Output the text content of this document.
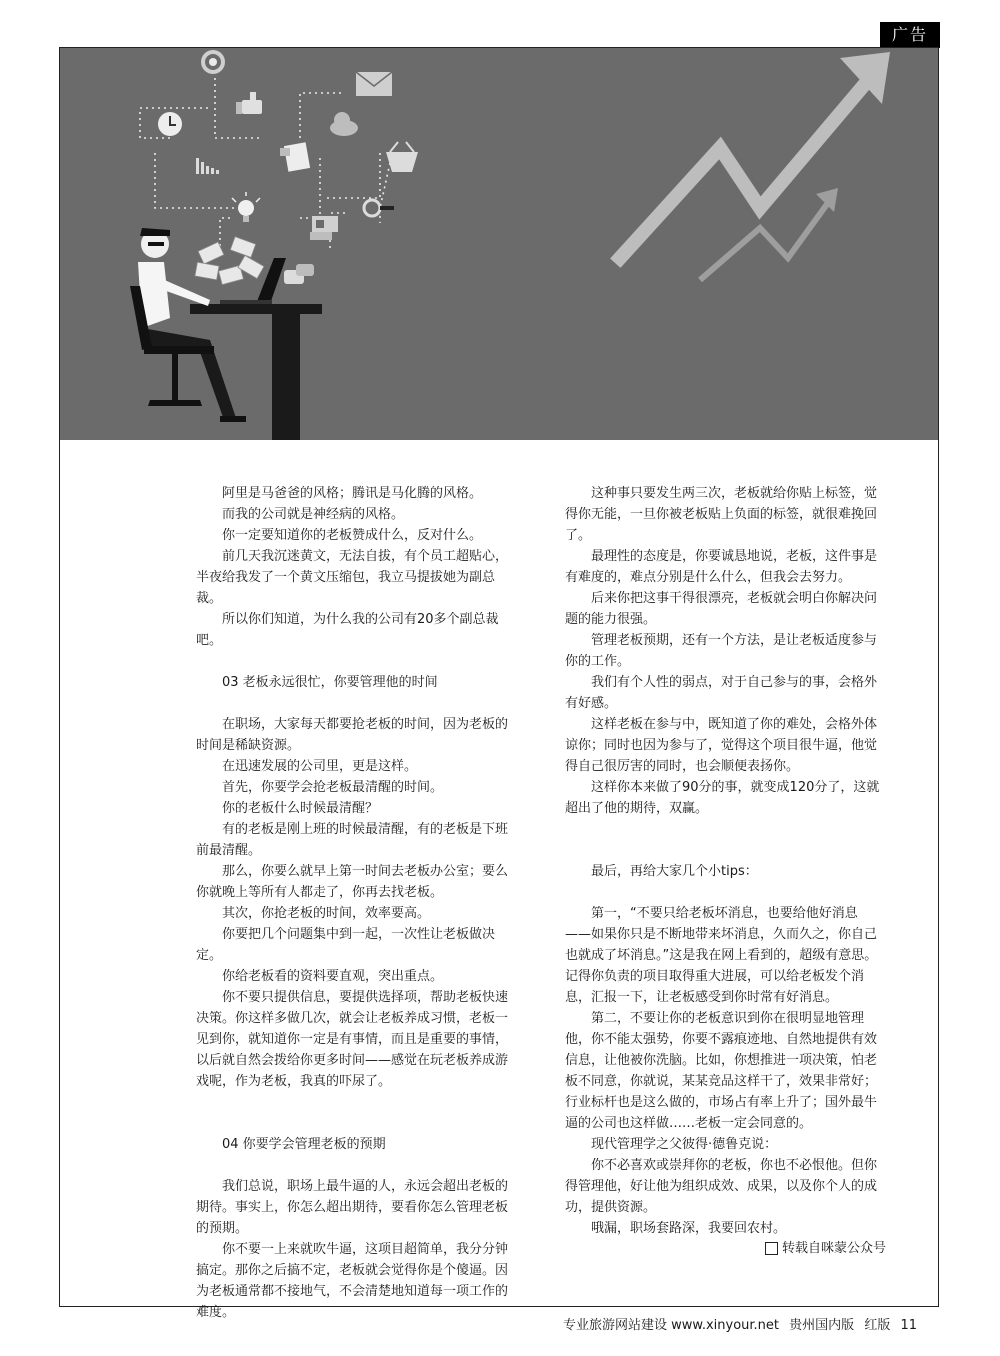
广告

阿里是马爸爸的风格；腾讯是马化腾的风格。

而我的公司就是神经病的风格。

你一定要知道你的老板赞成什么，反对什么。

前几天我沉迷黄文，无法自拔，有个员工超贴心，半夜给我发了一个黄文压缩包，我立马提拔她为副总裁。

所以你们知道，为什么我的公司有20多个副总裁吧。

03 老板永远很忙，你要管理他的时间

在职场，大家每天都要抢老板的时间，因为老板的时间是稀缺资源。

在迅速发展的公司里，更是这样。

首先，你要学会抢老板最清醒的时间。

你的老板什么时候最清醒？

有的老板是刚上班的时候最清醒，有的老板是下班前最清醒。

那么，你要么就早上第一时间去老板办公室；要么你就晚上等所有人都走了，你再去找老板。

其次，你抢老板的时间，效率要高。

你要把几个问题集中到一起，一次性让老板做决定。

你给老板看的资料要直观，突出重点。

你不要只提供信息，要提供选择项，帮助老板快速决策。你这样多做几次，就会让老板养成习惯，老板一见到你，就知道你一定是有事情，而且是重要的事情，以后就自然会拨给你更多时间——感觉在玩老板养成游戏呢，作为老板，我真的吓尿了。

04 你要学会管理老板的预期

我们总说，职场上最牛逼的人，永远会超出老板的期待。事实上，你怎么超出期待，要看你怎么管理老板的预期。

你不要一上来就吹牛逼，这项目超简单，我分分钟搞定。那你之后搞不定，老板就会觉得你是个傻逼。因为老板通常都不接地气，不会清楚地知道每一项工作的难度。

这种事只要发生两三次，老板就给你贴上标签，觉得你无能，一旦你被老板贴上负面的标签，就很难挽回了。

最理性的态度是，你要诚恳地说，老板，这件事是有难度的，难点分别是什么什么，但我会去努力。

后来你把这事干得很漂亮，老板就会明白你解决问题的能力很强。

管理老板预期，还有一个方法，是让老板适度参与你的工作。

我们有个人性的弱点，对于自己参与的事，会格外有好感。

这样老板在参与中，既知道了你的难处，会格外体谅你；同时也因为参与了，觉得这个项目很牛逼，他觉得自己很厉害的同时，也会顺便表扬你。

这样你本来做了90分的事，就变成120分了，这就超出了他的期待，双赢。

最后，再给大家几个小tips：

第一，“不要只给老板坏消息，也要给他好消息——如果你只是不断地带来坏消息，久而久之，你自己也就成了坏消息。”这是我在网上看到的，超级有意思。记得你负责的项目取得重大进展，可以给老板发个消息，汇报一下，让老板感受到你时常有好消息。

第二，不要让你的老板意识到你在很明显地管理他，你不能太强势，你要不露痕迹地、自然地提供有效信息，让他被你洗脑。比如，你想推进一项决策，怕老板不同意，你就说，某某竞品这样干了，效果非常好；行业标杆也是这么做的，市场占有率上升了；国外最牛逼的公司也这样做……老板一定会同意的。

现代管理学之父彼得·德鲁克说：

你不必喜欢或崇拜你的老板，你也不必恨他。但你得管理他，好让他为组织成效、成果，以及你个人的成功，提供资源。

哦漏，职场套路深，我要回农村。

转载自咪蒙公众号
专业旅游网站建设 www.xinyour.net 贵州国内版 红版 11
